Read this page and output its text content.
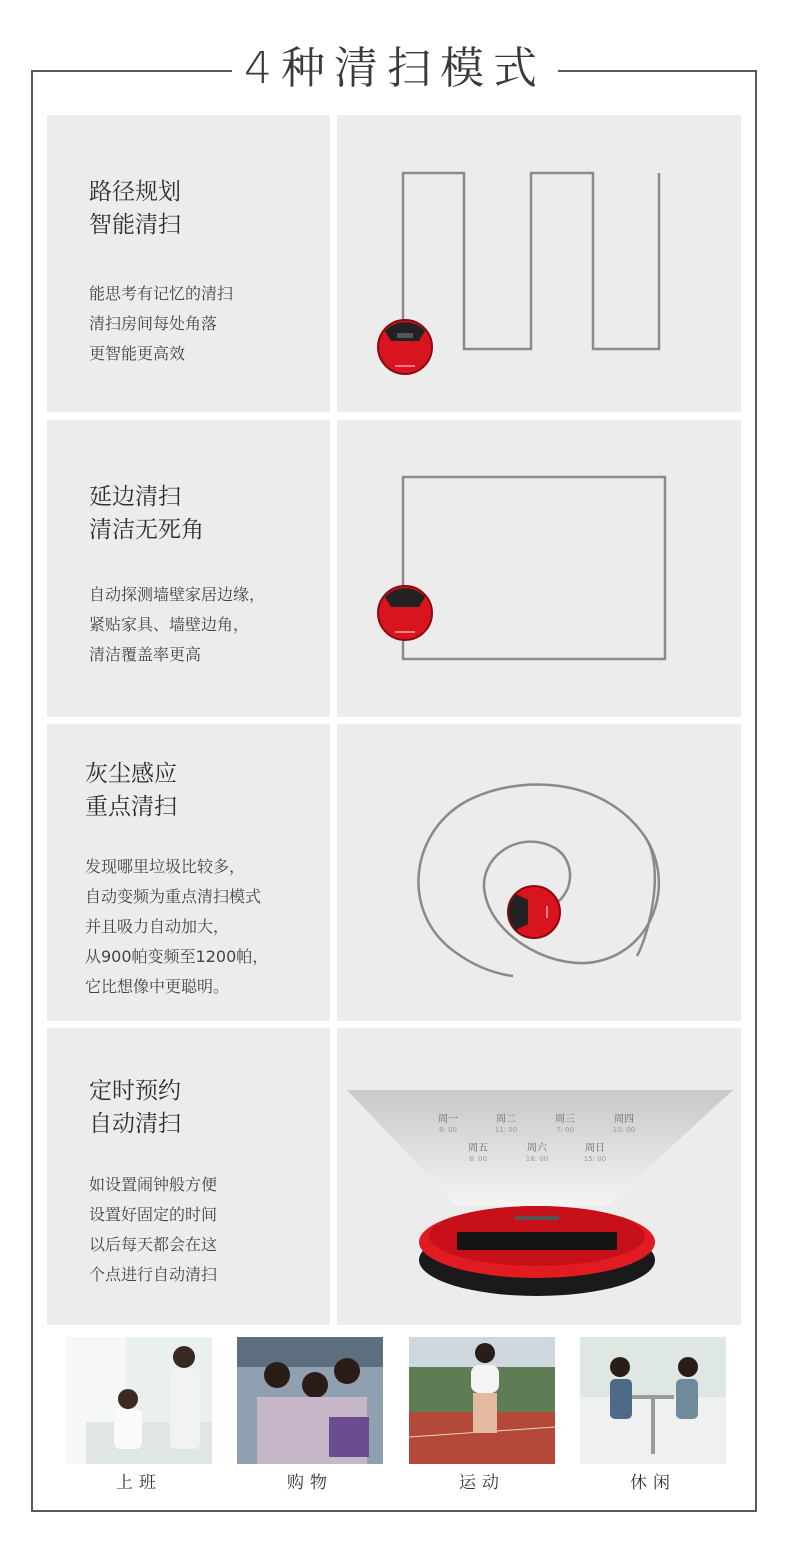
4种清扫模式
路径规划
智能清扫
能思考有记忆的清扫
清扫房间每处角落
更智能更高效
延边清扫
清洁无死角
自动探测墙壁家居边缘，
紧贴家具、墙壁边角，
清洁覆盖率更高
灰尘感应
重点清扫
发现哪里垃圾比较多，
自动变频为重点清扫模式
并且吸力自动加大，
从900帕变频至1200帕，
它比想像中更聪明。
定时预约
自动清扫
如设置闹钟般方便
设置好固定的时间
以后每天都会在这
个点进行自动清扫
周一
8: 00
周二
11: 00
周三
7: 00
周四
10: 00
周五
8: 00
周六
18: 00
周日
15: 00
上班	购物	运动	休闲
